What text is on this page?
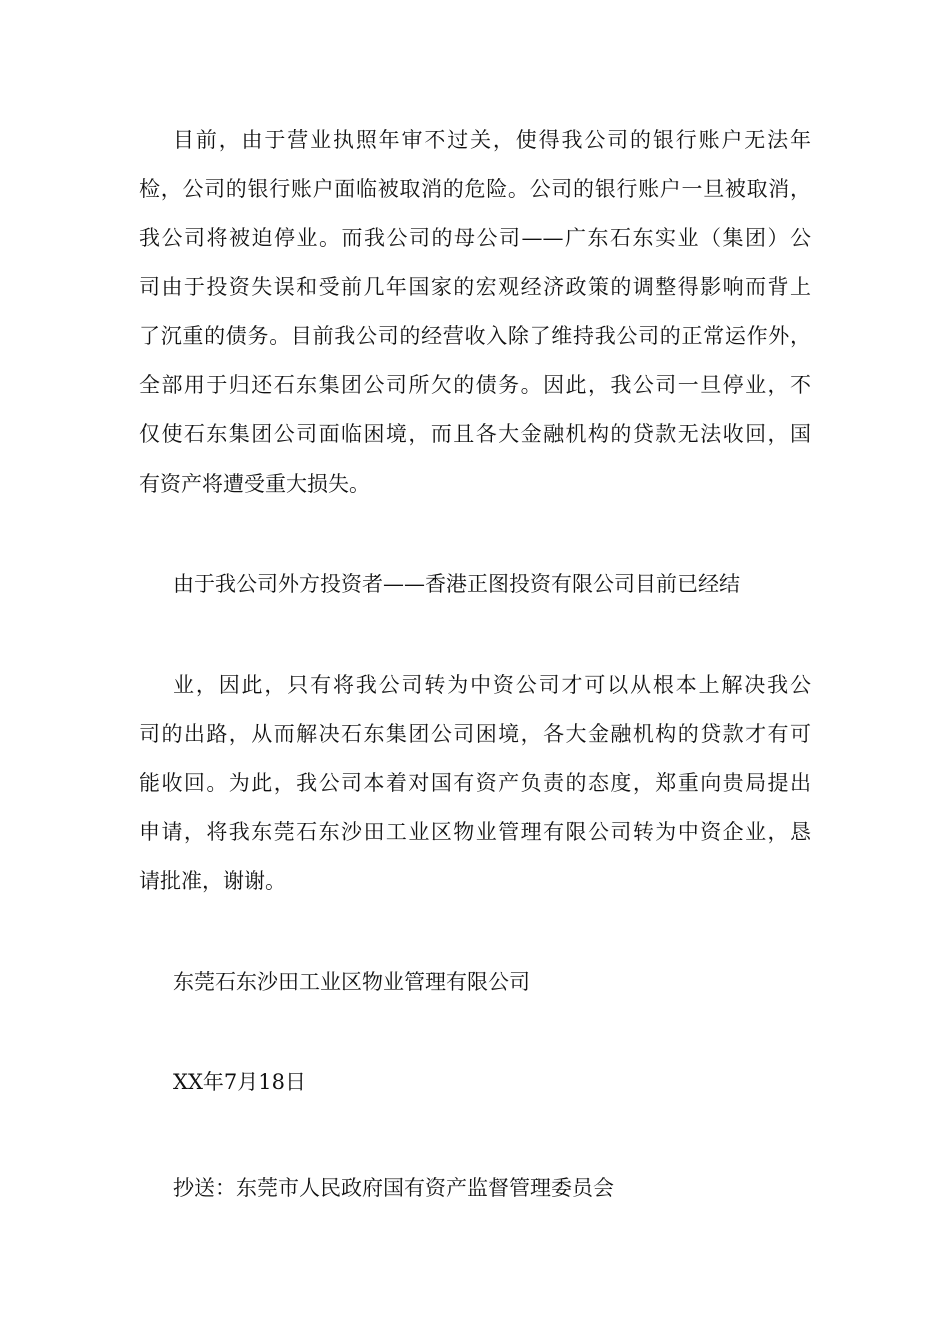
目前，由于营业执照年审不过关，使得我公司的银行账户无法年
检，公司的银行账户面临被取消的危险。公司的银行账户一旦被取消，
我公司将被迫停业。而我公司的母公司——广东石东实业（集团）公
司由于投资失误和受前几年国家的宏观经济政策的调整得影响而背上
了沉重的债务。目前我公司的经营收入除了维持我公司的正常运作外，
全部用于归还石东集团公司所欠的债务。因此，我公司一旦停业，不
仅使石东集团公司面临困境，而且各大金融机构的贷款无法收回，国
有资产将遭受重大损失。
由于我公司外方投资者——香港正图投资有限公司目前已经结
业，因此，只有将我公司转为中资公司才可以从根本上解决我公
司的出路，从而解决石东集团公司困境，各大金融机构的贷款才有可
能收回。为此，我公司本着对国有资产负责的态度，郑重向贵局提出
申请，将我东莞石东沙田工业区物业管理有限公司转为中资企业，恳
请批准，谢谢。
东莞石东沙田工业区物业管理有限公司
XX年7月18日
抄送：东莞市人民政府国有资产监督管理委员会
